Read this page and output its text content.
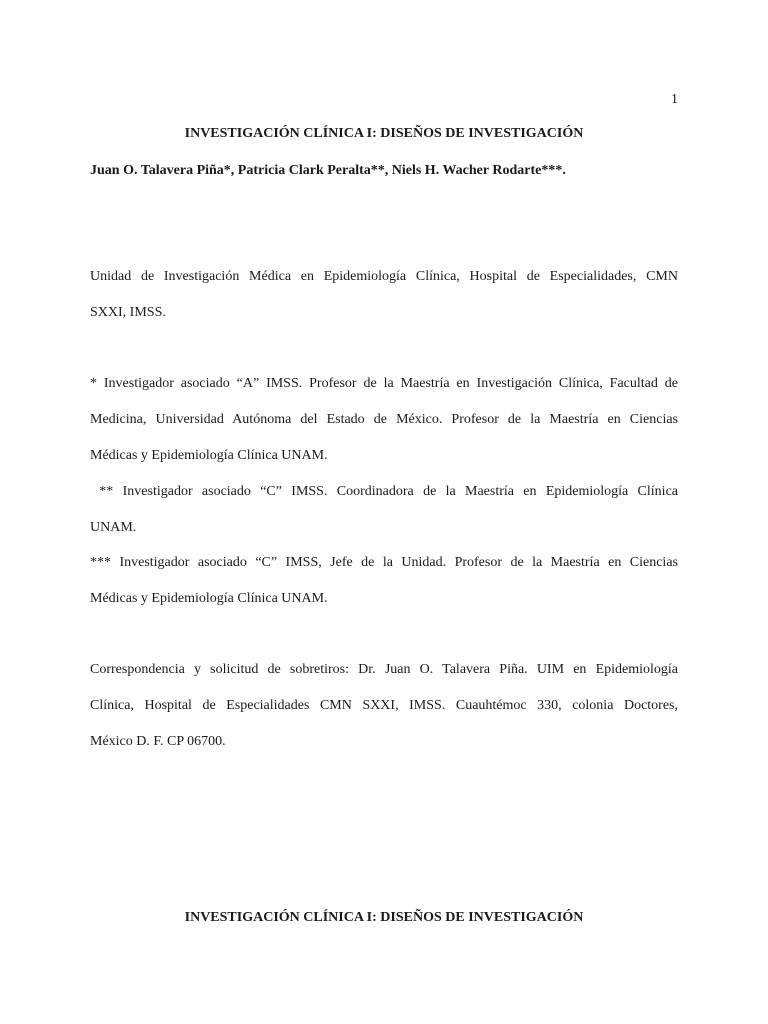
1
INVESTIGACIÓN CLÍNICA I: DISEÑOS DE INVESTIGACIÓN
Juan O. Talavera Piña*, Patricia Clark Peralta**, Niels H. Wacher Rodarte***.
Unidad de Investigación Médica en Epidemiología Clínica, Hospital de Especialidades, CMN
SXXI, IMSS.
* Investigador asociado “A” IMSS. Profesor de la Maestría en Investigación Clínica, Facultad de
Medicina, Universidad Autónoma del Estado de México. Profesor de la Maestría en Ciencias
Médicas y Epidemiología Clínica UNAM.
** Investigador asociado “C” IMSS. Coordinadora de la Maestría en Epidemiología Clínica
UNAM.
*** Investigador asociado “C” IMSS, Jefe de la Unidad. Profesor de la Maestría en Ciencias
Médicas y Epidemiología Clínica UNAM.
Correspondencia y solicitud de sobretiros: Dr. Juan O. Talavera Piña. UIM en Epidemiología
Clínica, Hospital de Especialidades CMN SXXI, IMSS. Cuauhtémoc 330, colonia Doctores,
México D. F. CP 06700.
INVESTIGACIÓN CLÍNICA I: DISEÑOS DE INVESTIGACIÓN
